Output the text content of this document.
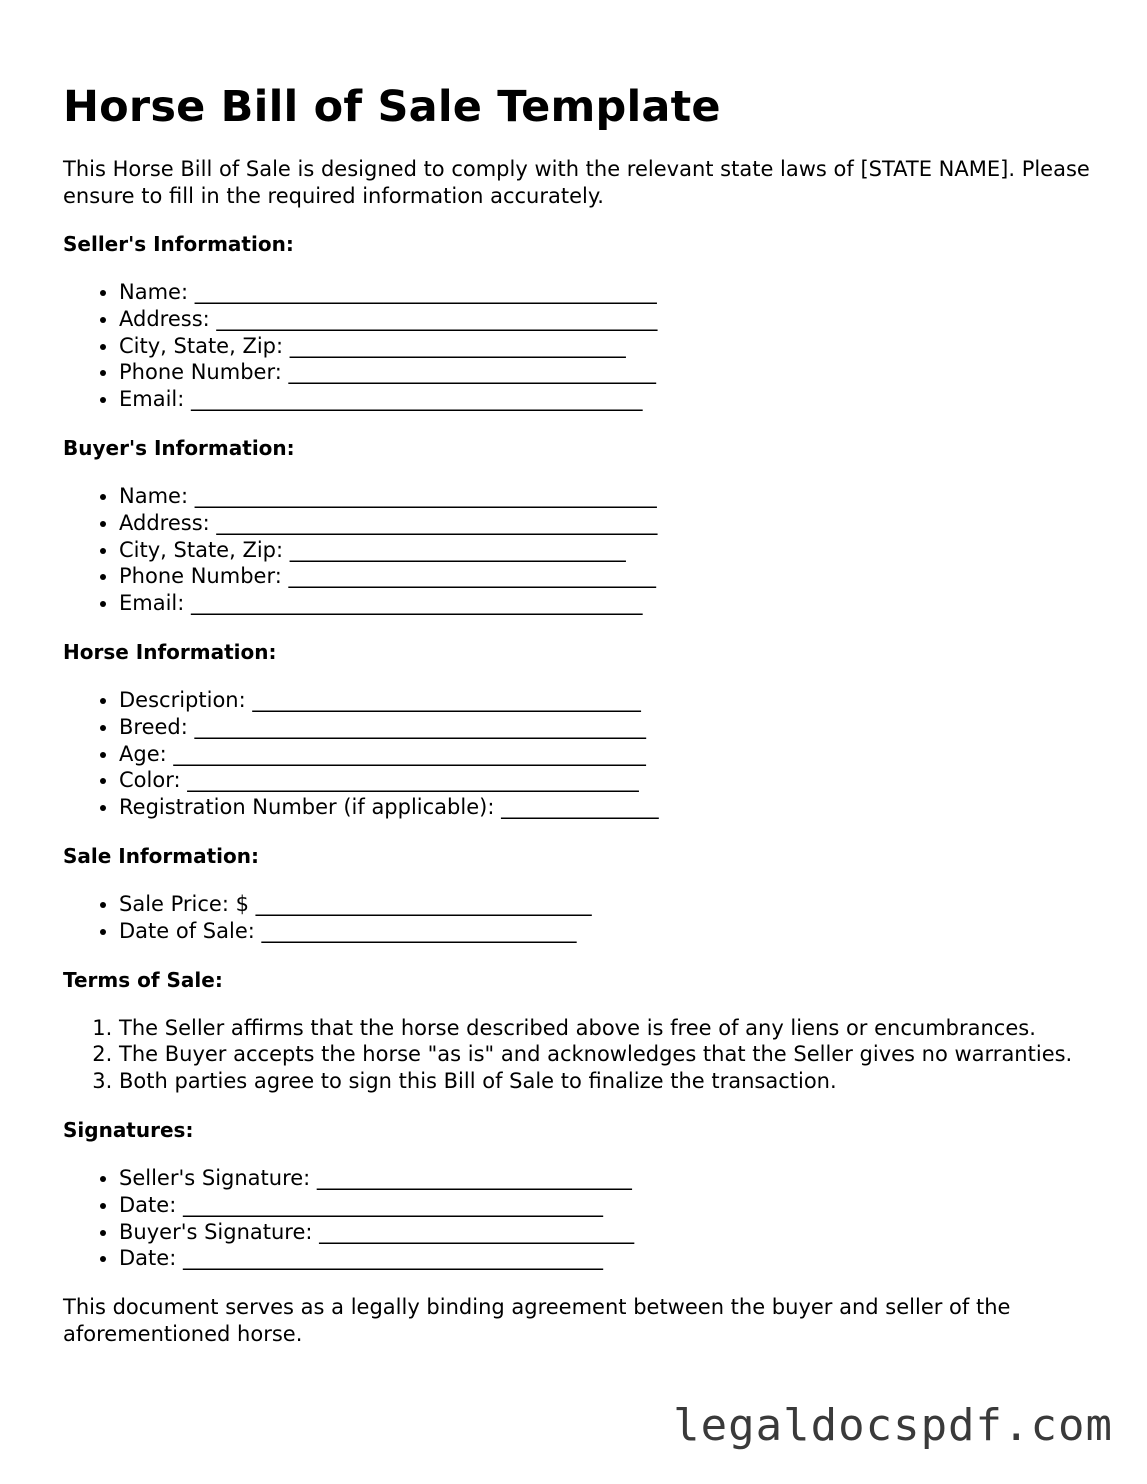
Horse Bill of Sale Template

This Horse Bill of Sale is designed to comply with the relevant state laws of [STATE NAME]. Please ensure to fill in the required information accurately.

Seller's Information:
• Name: ____________________________________________
• Address: __________________________________________
• City, State, Zip: ________________________________
• Phone Number: ___________________________________
• Email: ___________________________________________
Buyer's Information:
• Name: ____________________________________________
• Address: __________________________________________
• City, State, Zip: ________________________________
• Phone Number: ___________________________________
• Email: ___________________________________________
Horse Information:
• Description: _____________________________________
• Breed: ___________________________________________
• Age: _____________________________________________
• Color: ___________________________________________
• Registration Number (if applicable): _______________
Sale Information:
• Sale Price: $ ________________________________
• Date of Sale: ______________________________
Terms of Sale:
1. The Seller affirms that the horse described above is free of any liens or encumbrances.
2. The Buyer accepts the horse "as is" and acknowledges that the Seller gives no warranties.
3. Both parties agree to sign this Bill of Sale to finalize the transaction.
Signatures:
• Seller's Signature: ______________________________
• Date: ________________________________________
• Buyer's Signature: ______________________________
• Date: ________________________________________

This document serves as a legally binding agreement between the buyer and seller of the aforementioned horse.

legaldocspdf.com
